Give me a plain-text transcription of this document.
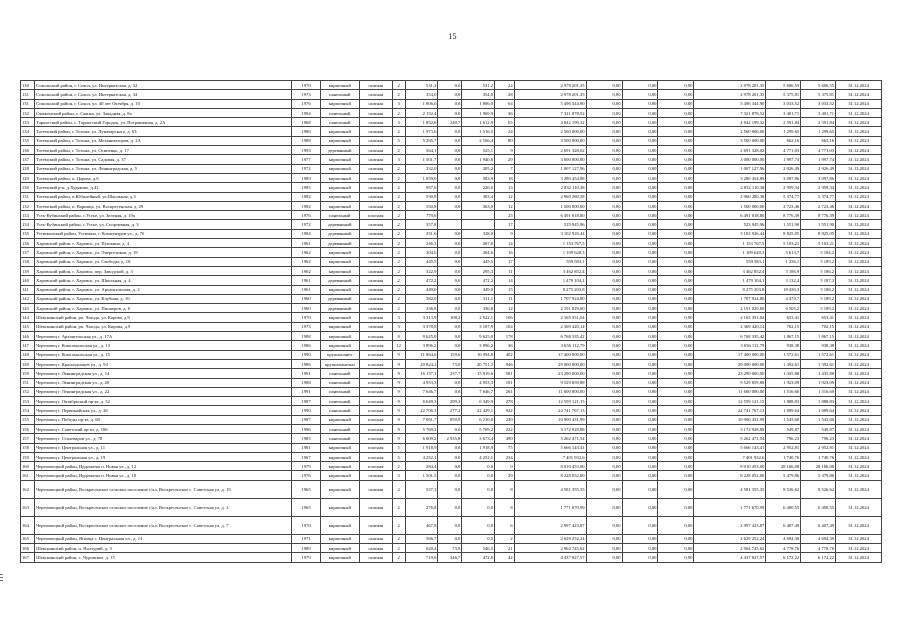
15
130	Сокольский район, г. Сокол, ул. Интернатская, д. 32	1970	кирпичный	скатная	2	531,2	0,0	531,2	24	2 978 201,35	0,00	0,00	0,00	2 978 201,35	5 606,55	5 606,55	31.12.2024
131	Сокольский район, г. Сокол, ул. Интернатская, д. 34	1973	панельный	скатная	2	354,0	0,0	354,0	28	2 978 201,35	0,00	0,00	0,00	2 978 201,35	5 375,81	5 375,81	31.12.2024
131	Сокольский район, г. Сокол, ул. 40 лет Октября, д. 10	1976	кирпичный	скатная	3	1 806,0	0,0	1 806,0	64	5 496 344,90	0,00	0,00	0,00	5 496 344,90	3 033,52	3 033,52	31.12.2024
132	Сямженский район, с. Сямжа, ул. Западная, д. 8а	1994	панельный	скатная	2	2 152,4	0,0	1 969,9	36	7 321 878,52	0,00	0,00	0,00	7 321 878,52	3 401,71	3 401,71	31.12.2024
133	Тарногский район, с. Тарногский Городок, ул. Пограничная, д. 2А	1968	панельный	скатная	3	1 852,6	240,7	1 612,9	65	4 842 199,32	0,00	0,00	0,00	4 842 199,32	2 591,84	2 591,84	31.12.2024
134	Тотемский район, г. Тотьма, ул. Луначарского, д. 63	1980	кирпичный	скатная	2	1 973,6	0,0	1 516,5	24	2 560 000,00	0,00	0,00	0,00	2 560 000,00	1 299,65	1 299,65	31.12.2024
135	Тотемский район, г. Тотьма, ул. Механизаторов, д. 2А	1988	кирпичный	скатная	5	5 285,7	0,0	2 166,4	80	3 500 000,00	0,00	0,00	0,00	3 500 000,00	662,16	662,16	31.12.2024
136	Тотемский район, г. Тотьма, ул. Осипенко, д. 17	1993	деревянный	скатная	2	564,1	0,0	525,1	9	2 691 328,02	0,00	0,00	0,00	2 691 328,02	4 771,03	4 771,03	31.12.2024
137	Тотемский район, г. Тотьма, ул. Садовая, д. 37	1977	кирпичный	скатная	3	1 501,7	0,0	1 940,6	29	3 000 000,00	0,00	0,00	0,00	3 000 000,00	1 997,74	1 997,74	31.12.2024
128	Тотемский район, г. Тотьма, ул. Ленинградская, д. 5	1972	кирпичный	скатная	2	332,0	0,0	205,2	7	1 007 127,96	0,00	0,00	0,00	1 007 127,96	2 926,49	2 926,49	31.12.2024
129	Тотемский район, п. Царева, д.6	1989	кирпичный	скатная	2	1 059,0	0,0	583,9	18	3 280 454,88	0,00	0,00	0,00	3 280 454,88	3 097,86	3 097,86	31.12.2024
130	Тотемский р-н, д.Худяково, д.41	1985	кирпичный	скатная	2	957,6	0,0	226,0	13	2 832 110,38	0,00	0,00	0,00	2 832 110,38	2 959,34	2 959,34	31.12.2024
131	Тотемский район, п.Юбилейный, ул.Школьная, д.3	1982	кирпичный	скатная	2	530,8	0,0	303,4	12	2 960 280,38	0,00	0,00	0,00	2 960 280,38	5 374,77	5 374,77	31.12.2024
132	Тотемский район, п. Варница, ул. Воскресенская, д. 29	1982	кирпичный	скатная	2	550,8	0,0	363,0	12	1 500 000,00	0,00	0,00	0,00	1 500 000,00	2 723,46	2 723,46	31.12.2024
133	Усть-Кубинский район, с.Устье, ул. Зеленая, д. 19а	1976	панельный	плоская	2	779,6			25	6 491 018,80	0,00	0,00	0,00	6 491 018,80	8 776,39	8 776,39	31.12.2024
134	Усть-Кубинский район, с.Устье, ул. Спортивная, д. 3	1972	деревянный	скатная	2	357,8			17	523 945,96	0,00	0,00	0,00	523 945,96	1 551,90	1 551,90	31.12.2024
135	Устюженский район, Устюжна, г. Коммунаров ул., д. 7б	1984	деревянный	скатная	2	351,6	0,0	328,0	9	3 102 926,44	0,00	0,00	0,00	3 102 926,44	8 825,05	8 825,05	31.12.2024
136	Харовский район, г. Харовск, ул. Пушкина, д. 4	1961	деревянный	скатная	2	246,3	0,0	267,0	14	1 153 767,5	0,00	0,00	0,00	1 153 767,5	5 103,21	5 103,21	31.12.2024
137	Харовский район, г. Харовск, ул. Энергетиков, д. 19	1962	кирпичный	скатная	2	304,6	0,0	304,6	16	1 109 620,3	0,00	0,00	0,00	1 109 620,3	5 613,7	5 184,2	31.12.2024
138	Харовский район, г. Харовск, ул. Свободы, д. 18	1962	кирпичный	скатная	2	445,5	0,0	445,5	17	559 583,1	0,00	0,00	0,00	559 583,1	1 256,1	5 185,2	31.12.2024
139	Харовский район, г. Харовск, пер. Заводской, д. 3	1962	кирпичный	скатная	2	322,9	0,0	295,3	11	3 462 852,4	0,00	0,00	0,00	3 462 852,4	5 186,9	5 186,2	31.12.2024
140	Харовский район, г. Харовск, ул. Школьная, д. 4	1961	деревянный	скатная	2	472,2	0,0	472,2	14	1 479 104,1	0,00	0,00	0,00	1 479 104,1	3 132,4	5 187,3	31.12.2024
141	Харовский район, г. Харовск, ул. Архангельская, д. 2	1961	кирпичный	скатная	2	449,0	0,0	449,0	15	8 275 203,8	0,00	0,00	0,00	8 275 203,8	18 430,3	5 188,2	31.12.2024
142	Харовский район, г. Харовск, ул. Клубная, д. 10	1960	деревянный	скатная	2	382,0	0,0	311,1	11	1 707 924,80	0,00	0,00	0,00	1 707 924,80	4 470,7	5 189,2	31.12.2024
143	Харовский район, г. Харовск, ул. Пионеров, д. 6	1960	деревянный	скатная	2	336,8	0,0	336,8	12	2 191 029,60	0,00	0,00	0,00	2 191 029,60	6 505,2	5 189,2	31.12.2024
144	Шекснинский район, рп. Чагода, ул. Карова, д.9	1970	кирпичный	скатная	3	3 313,9	108,2	2 922,1	106	2 165 351,04	0,00	0,00	0,00	2 165 351,04	653,41	653,41	31.12.2024
145	Шекснинский район, рп. Чагода, ул. Кирова, д.9	1973	кирпичный	скатная	3	3 378,8	0,0	3 107,9	104	2 369 420,14	0,00	0,00	0,00	2 369 420,14	702,15	702,15	31.12.2024
146	Череповец г. Архангельская ул., д. 17А	1988	кирпичный	плоская	9	9 625,0	0,0	9 625,0	178	6 768 335,42	0,00	0,00	0,00	6 768 335,42	1 867,15	1 867,15	31.12.2024
147	Череповец г. Комсомольская ул., д. 13	1986	кирпичный	плоская	12	3 896,2	0,0	3 896,2	36	3 656 112,79	0,00	0,00	0,00	3 656 112,79	938,38	938,38	31.12.2024
148	Череповец г. Комсомольская ул., д. 15	1990	крупнопанел	плоская	9	11 864,6	159,6	10 994,8	402	17 400 000,00	0,00	0,00	0,00	17 400 000,00	1 572,61	1 572,61	31.12.2024
149	Череповец г. Краснодонцев ул., д. 94	1986	крупнопанельн	плоская	9	20 824,2	73,0	20 751,2	946	29 000 000,00	0,00	0,00	0,00	29 000 000,00	1 392,61	1 392,61	31.12.2024
150	Череповец г. Ленинградская ул., д. 14	1991	панельный	плоская	9	16 157,3	237,7	15 919,6	581	23 290 000,00	0,00	0,00	0,00	23 290 000,00	1 435,88	1 435,88	31.12.2024
151	Череповец г. Ленинградская ул., д. 20	1988	панельный	плоская	9	4 953,3	0,0	4 953,3	181	9 529 859,88	0,00	0,00	0,00	9 529 859,88	1 923,09	1 923,09	31.12.2024
152	Череповец г. Ленинградская ул., д. 22	1991	панельный	плоская	9	7 646,7	0,0	7 646,7	261	11 600 000,00	0,00	0,00	0,00	11 600 000,00	1 516,60	1 516,60	31.12.2024
153	Череповец г. Октябрьский пр-кт, д. 52	1987	панельный	плоская	9	6 649,3	299,3	6 349,9	278	12 559 121,15	0,00	0,00	0,00	12 559 121,15	1 888,83	1 888,83	31.12.2024
154	Череповец г. Первомайская ул., д. 26	1990	панельный	плоская	9	22 706,3	277,2	22 429,1	922	24 741 767,13	0,00	0,00	0,00	24 741 767,13	1 089,64	1 089,64	31.12.2024
155	Череповец г. Победы пр-кт, д. 68	1987	кирпичный	плоская	9	7 061,7	850,9	6 210,8	239	10 900 431,99	0,00	0,00	0,00	10 900 431,99	1 543,60	1 543,60	31.12.2024
156	Череповец г. Советский пр-кт, д. 106	1996	панельный	плоская	9	5 769,2	0,0	5 769,2	222	3 172 928,88	0,00	0,00	0,00	3 172 928,88	549,87	549,87	31.12.2024
157	Череповец г. Сталеваров ул., д. 78	1985	панельный	плоская	9	6 609,2	2 935,8	3 673,4	490	5 262 471,54	0,00	0,00	0,00	5 262 471,54	796,23	796,23	31.12.2024
158	Череповец г. Центральная ул., д. 11	1981	кирпичный	плоская	5	1 918,9	0,0	1 918,9	75	5 666 143,41	0,00	0,00	0,00	5 666 143,41	2 952,81	2 952,81	31.12.2024
159	Череповец г. Центральная ул., д. 19	1967	кирпичный	плоская	5	4 252,1	0,0	4 252,1	234	7 401 932,6	0,00	0,00	0,00	7 401 932,6	1 740,76	1 740,76	31.12.2024
160	Череповецкий район, Ирдоматка п. Новая ул., д. 12	1979	кирпичный	плоская	2	284,4	0,0	0,0	0	8 010 453,00	0,00	0,00	0,00	8 010 453,00	28 166,08	28 166,08	31.12.2024
161	Череповецкий район, Ирдоматка п. Новая ул., д. 10	1976	кирпичный	скатная	3	1 501,5	0,0	0,0	29	8 228 052,00	0,00	0,00	0,00	8 228 052,00	5 479,86	5 479,86	31.12.2024
162	Череповецкий район, Воскресенское сельское поселение с/ал. Воскресенское с. Советская ул. д. 19	1965	кирпичный	скатная	2	537,3	0,0	0,0	8	4 581 355,35	0,00	0,00	0,00	4 581 355,35	8 526,62	8 526,62	31.12.2024
163	Череповецкий район, Воскресенское сельское поселение с/ал. Воскресенское с. Советская ул. д. 3	1965	кирпичный	скатная	2	276,8	0,0	0,0	8	1 771 670,99	0,00	0,00	0,00	1 771 670,99	6 400,55	6 400,55	31.12.2024
164	Череповецкий район, Воскресенское сельское поселение с/ал. Воскресенское с. Советская ул. д. 7	1970	кирпичный	скатная	2	467,8	0,0	0,0	6	2 997 423,87	0,00	0,00	0,00	2 997 423,87	6 407,49	6 407,49	31.12.2024
165	Череповецкий район, Ягница с. Центральная ул., д. 14	1971	кирпичный	скатная	2	566,7	0,0	0,0	2	2 629 252,24	0,00	0,00	0,00	2 629 252,24	4 694,30	4 694,30	31.12.2024
166	Шекснинский район, п. Нолтурий, д. 3	1989	кирпичный	скатная	2	620,4	73,9	546,5	21	2 964 745,62	0,00	0,00	0,00	2 964 745,62	4 778,76	4 778,76	31.12.2024
167	Шекснинский район, с. Чуровское, д. 15	1979	кирпичный	скатная	2	719,6	346,7	472,8	42	4 437 827,57	0,00	0,00	0,00	4 437 827,57	6 172,22	6 172,22	31.12.2024
